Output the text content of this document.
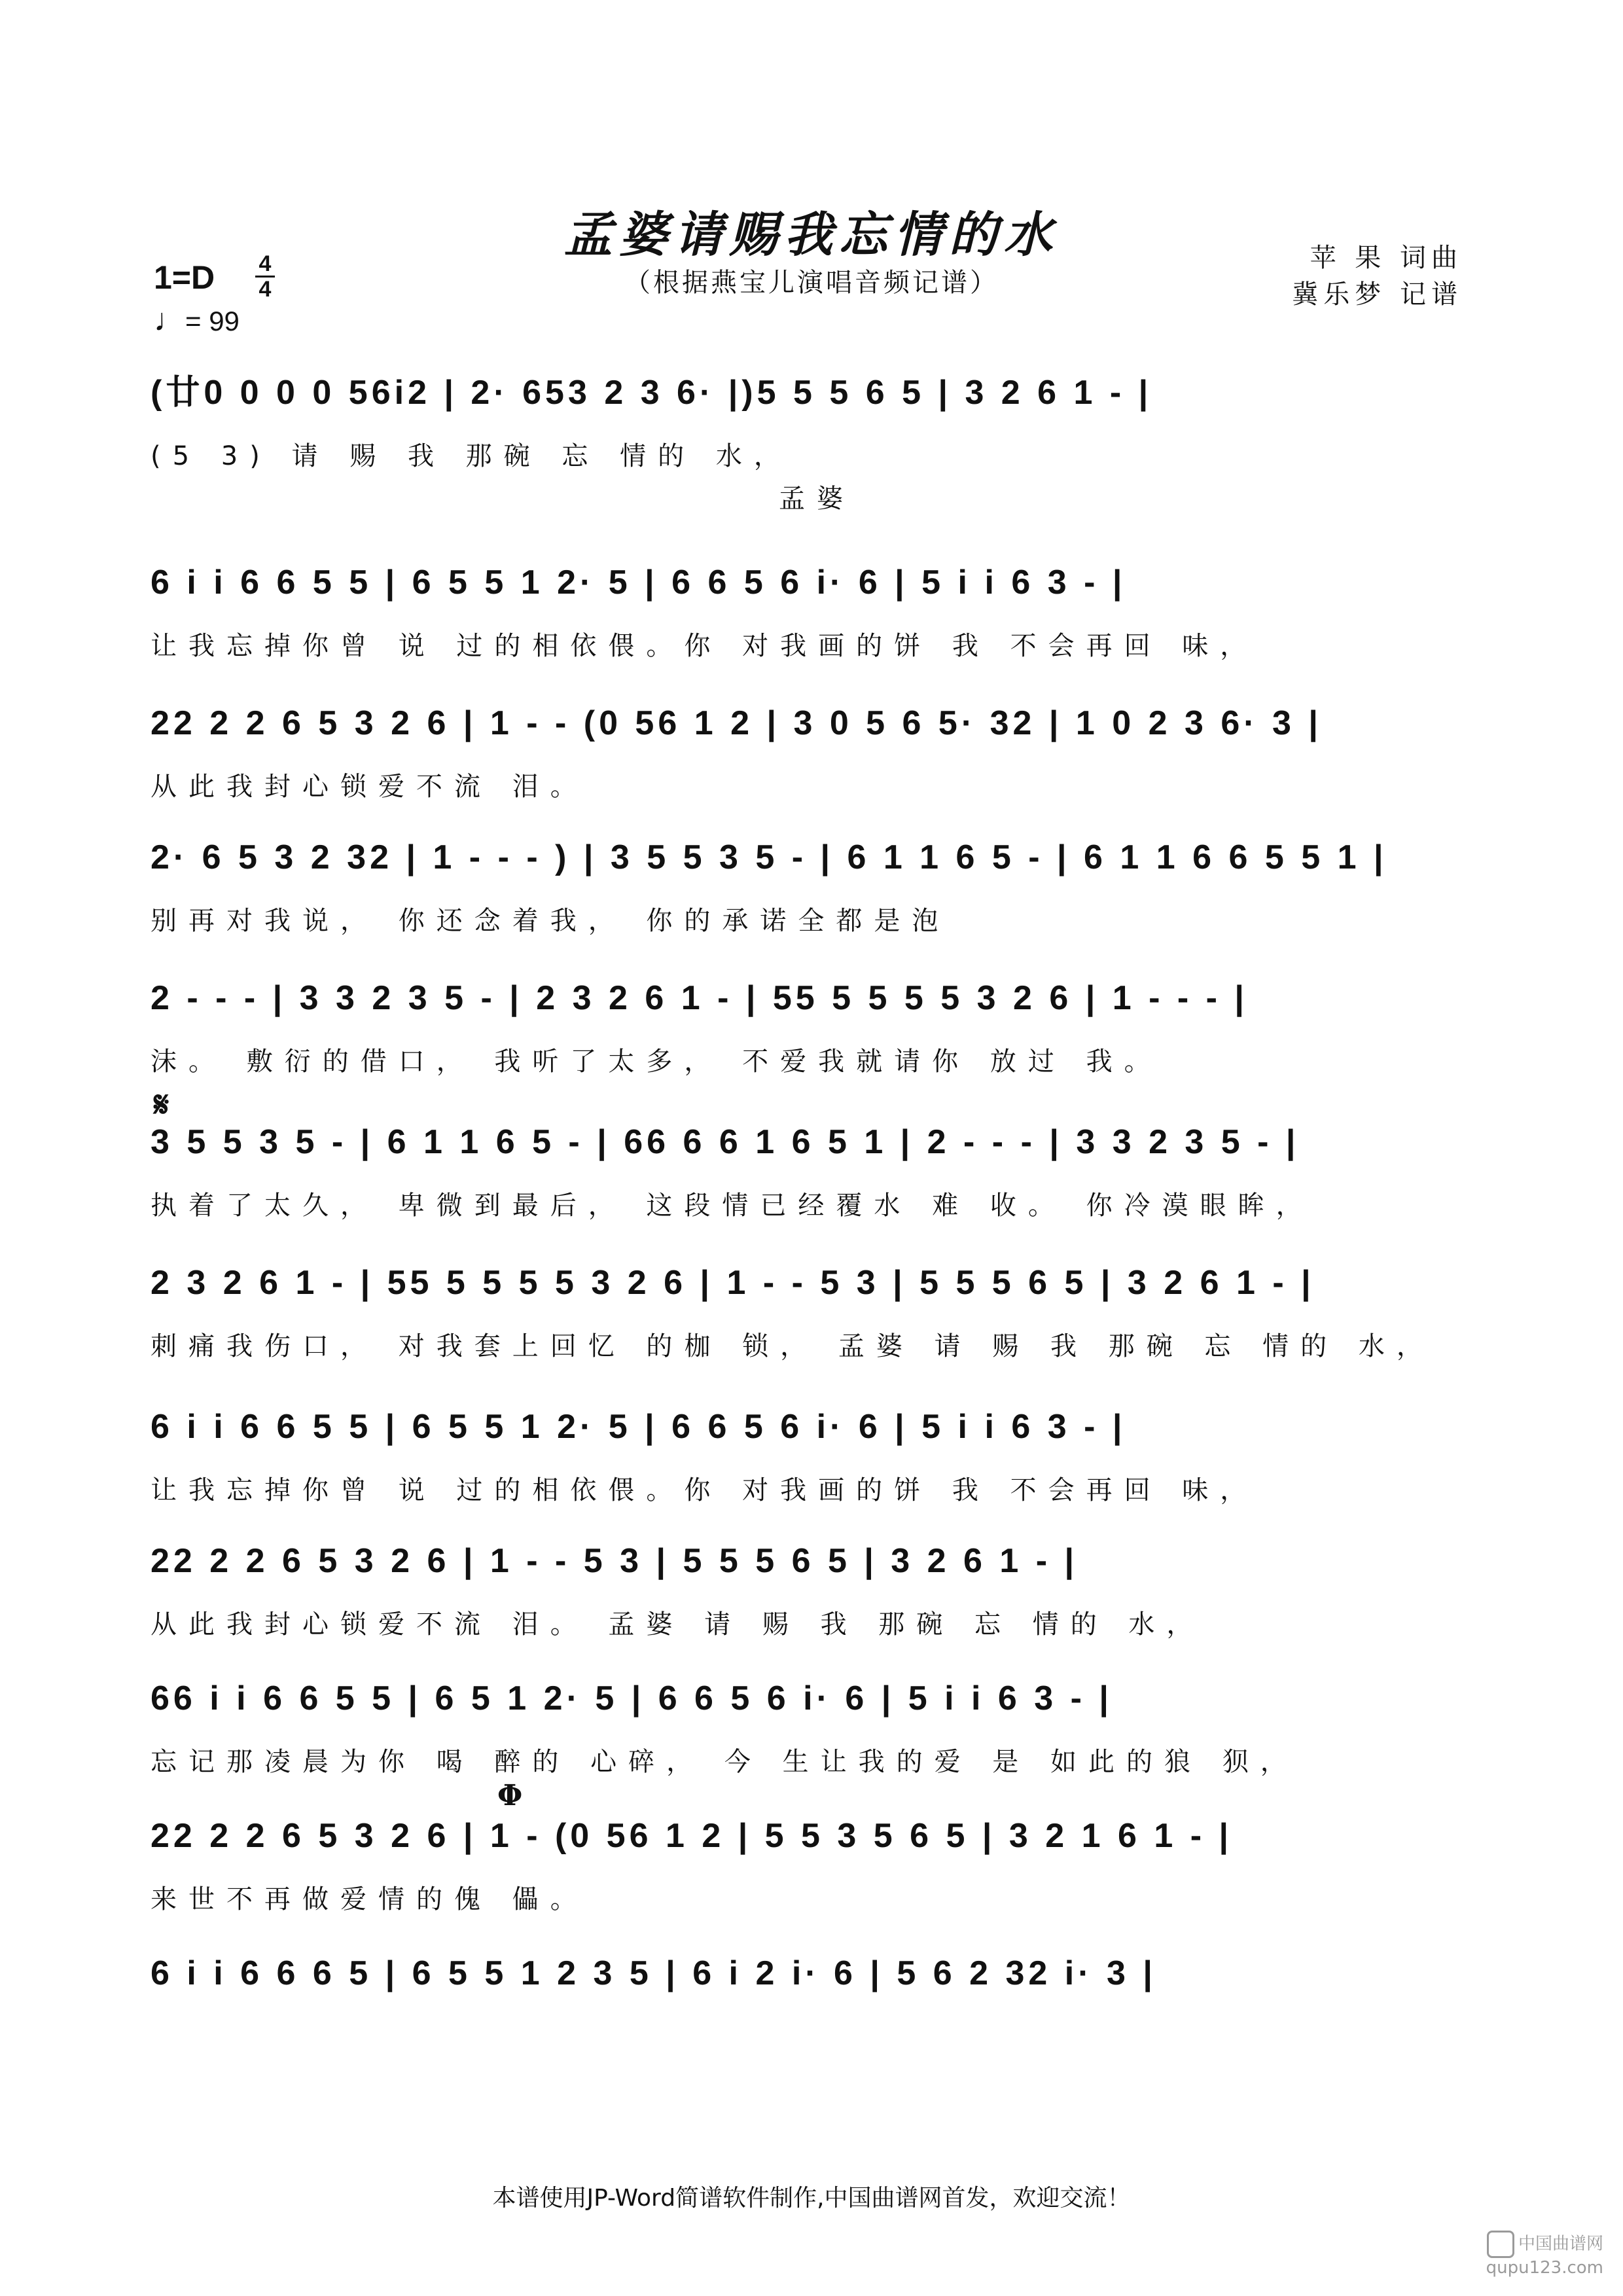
孟婆请赐我忘情的水
（根据燕宝儿演唱音频记谱）
苹 果 词曲
冀乐梦 记谱
1=D	4
4
♩= 99
𝄋
Φ
(廿0 0 0 0 56i2 | 2· 653 2 3 6· |)5 5 5 6 5 | 3 2 6 1 - |
(5 3) 请 赐 我 那碗 忘 情的 水，
孟婆
6 i i 6 6 5 5 | 6 5 5 1 2· 5 | 6 6 5 6 i· 6 | 5 i i 6 3 - |
让我忘掉你曾 说 过的相依偎。你 对我画的饼 我 不会再回 味，
22 2 2 6 5 3 2 6 | 1 - - (0 56 1 2 | 3 0 5 6 5· 32 | 1 0 2 3 6· 3 |
从此我封心锁爱不流 泪。
2· 6 5 3 2 32 | 1 - - - ) | 3 5 5 3 5 - | 6 1 1 6 5 - | 6 1 1 6 6 5 5 1 |
别再对我说， 你还念着我， 你的承诺全都是泡
2 - - - | 3 3 2 3 5 - | 2 3 2 6 1 - | 55 5 5 5 5 3 2 6 | 1 - - - |
沫。 敷衍的借口， 我听了太多， 不爱我就请你 放过 我。
3 5 5 3 5 - | 6 1 1 6 5 - | 66 6 6 1 6 5 1 | 2 - - - | 3 3 2 3 5 - |
执着了太久， 卑微到最后， 这段情已经覆水 难 收。 你冷漠眼眸，
2 3 2 6 1 - | 55 5 5 5 5 3 2 6 | 1 - - 5 3 | 5 5 5 6 5 | 3 2 6 1 - |
刺痛我伤口， 对我套上回忆 的枷 锁， 孟婆 请 赐 我 那碗 忘 情的 水，
6 i i 6 6 5 5 | 6 5 5 1 2· 5 | 6 6 5 6 i· 6 | 5 i i 6 3 - |
让我忘掉你曾 说 过的相依偎。你 对我画的饼 我 不会再回 味，
22 2 2 6 5 3 2 6 | 1 - - 5 3 | 5 5 5 6 5 | 3 2 6 1 - |
从此我封心锁爱不流 泪。 孟婆 请 赐 我 那碗 忘 情的 水，
66 i i 6 6 5 5 | 6 5 1 2· 5 | 6 6 5 6 i· 6 | 5 i i 6 3 - |
忘记那凌晨为你 喝 醉的 心碎， 今 生让我的爱 是 如此的狼 狈，
22 2 2 6 5 3 2 6 | 1 - (0 56 1 2 | 5 5 3 5 6 5 | 3 2 1 6 1 - |
来世不再做爱情的傀 儡。
6 i i 6 6 6 5 | 6 5 5 1 2 3 5 | 6 i 2 i· 6 | 5 6 2 32 i· 3 |
本谱使用JP-Word简谱软件制作,中国曲谱网首发，欢迎交流！
中国曲谱网
qupu123.com
